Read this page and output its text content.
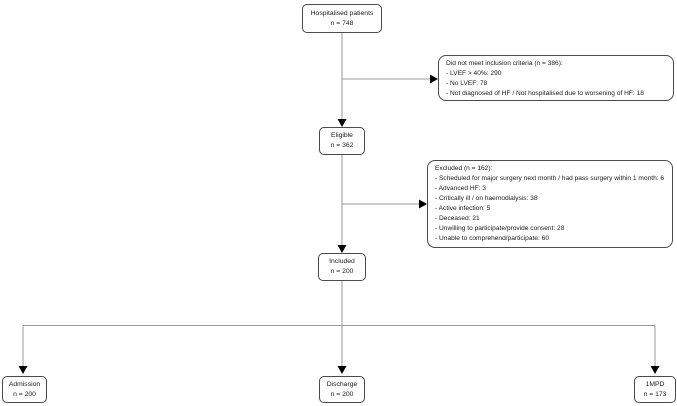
Hospitalised patients
n = 748
Did not meet inclusion criteria (n = 386):
- LVEF > 40%: 290
- No LVEF: 78
- Not diagnosed of HF / Not hospitalised due to worsening of HF: 18
Eligible
n = 362
Excluded (n = 162):
- Scheduled for major surgery next month / had pass surgery within 1 month: 6
- Advanced HF: 3
- Critically ill / on haemodialysis: 38
- Active infection: 5
- Deceased: 21
- Unwilling to participate/provide consent: 28
- Unable to comprehend/participate: 60
Included
n = 200
Admission
n = 200
Discharge
n = 200
1MPD
n = 173
